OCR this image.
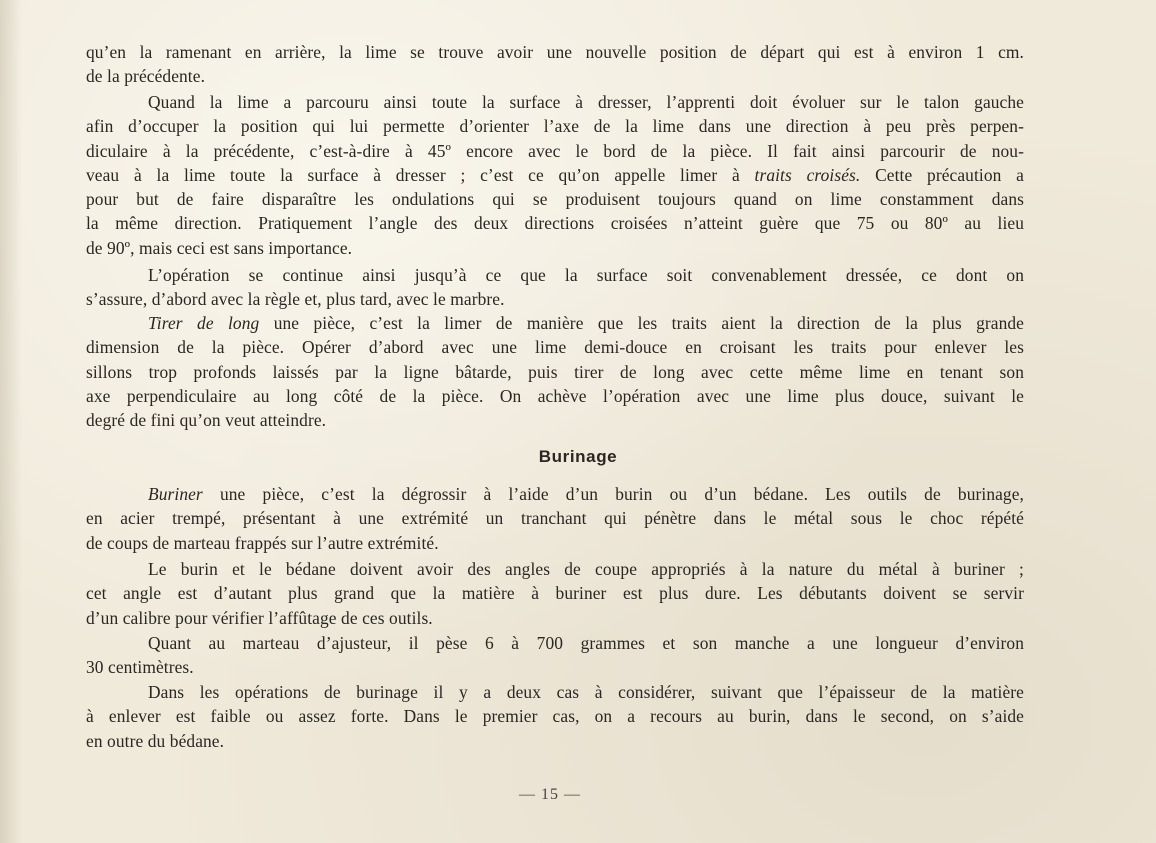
qu’en la ramenant en arrière, la lime se trouve avoir une nouvelle position de départ qui est à environ 1 cm.
de la précédente.
Quand la lime a parcouru ainsi toute la surface à dresser, l’apprenti doit évoluer sur le talon gauche
afin d’occuper la position qui lui permette d’orienter l’axe de la lime dans une direction à peu près perpen-
diculaire à la précédente, c’est-à-dire à 45º encore avec le bord de la pièce. Il fait ainsi parcourir de nou-
veau à la lime toute la surface à dresser ; c’est ce qu’on appelle limer à traits croisés. Cette précaution a
pour but de faire disparaître les ondulations qui se produisent toujours quand on lime constamment dans
la même direction. Pratiquement l’angle des deux directions croisées n’atteint guère que 75 ou 80º au lieu
de 90º, mais ceci est sans importance.
L’opération se continue ainsi jusqu’à ce que la surface soit convenablement dressée, ce dont on
s’assure, d’abord avec la règle et, plus tard, avec le marbre.
Tirer de long une pièce, c’est la limer de manière que les traits aient la direction de la plus grande
dimension de la pièce. Opérer d’abord avec une lime demi-douce en croisant les traits pour enlever les
sillons trop profonds laissés par la ligne bâtarde, puis tirer de long avec cette même lime en tenant son
axe perpendiculaire au long côté de la pièce. On achève l’opération avec une lime plus douce, suivant le
degré de fini qu’on veut atteindre.
Burinage
Buriner une pièce, c’est la dégrossir à l’aide d’un burin ou d’un bédane. Les outils de burinage,
en acier trempé, présentant à une extrémité un tranchant qui pénètre dans le métal sous le choc répété
de coups de marteau frappés sur l’autre extrémité.
Le burin et le bédane doivent avoir des angles de coupe appropriés à la nature du métal à buriner ;
cet angle est d’autant plus grand que la matière à buriner est plus dure. Les débutants doivent se servir
d’un calibre pour vérifier l’affûtage de ces outils.
Quant au marteau d’ajusteur, il pèse 6 à 700 grammes et son manche a une longueur d’environ
30 centimètres.
Dans les opérations de burinage il y a deux cas à considérer, suivant que l’épaisseur de la matière
à enlever est faible ou assez forte. Dans le premier cas, on a recours au burin, dans le second, on s’aide
en outre du bédane.
— 15 —
